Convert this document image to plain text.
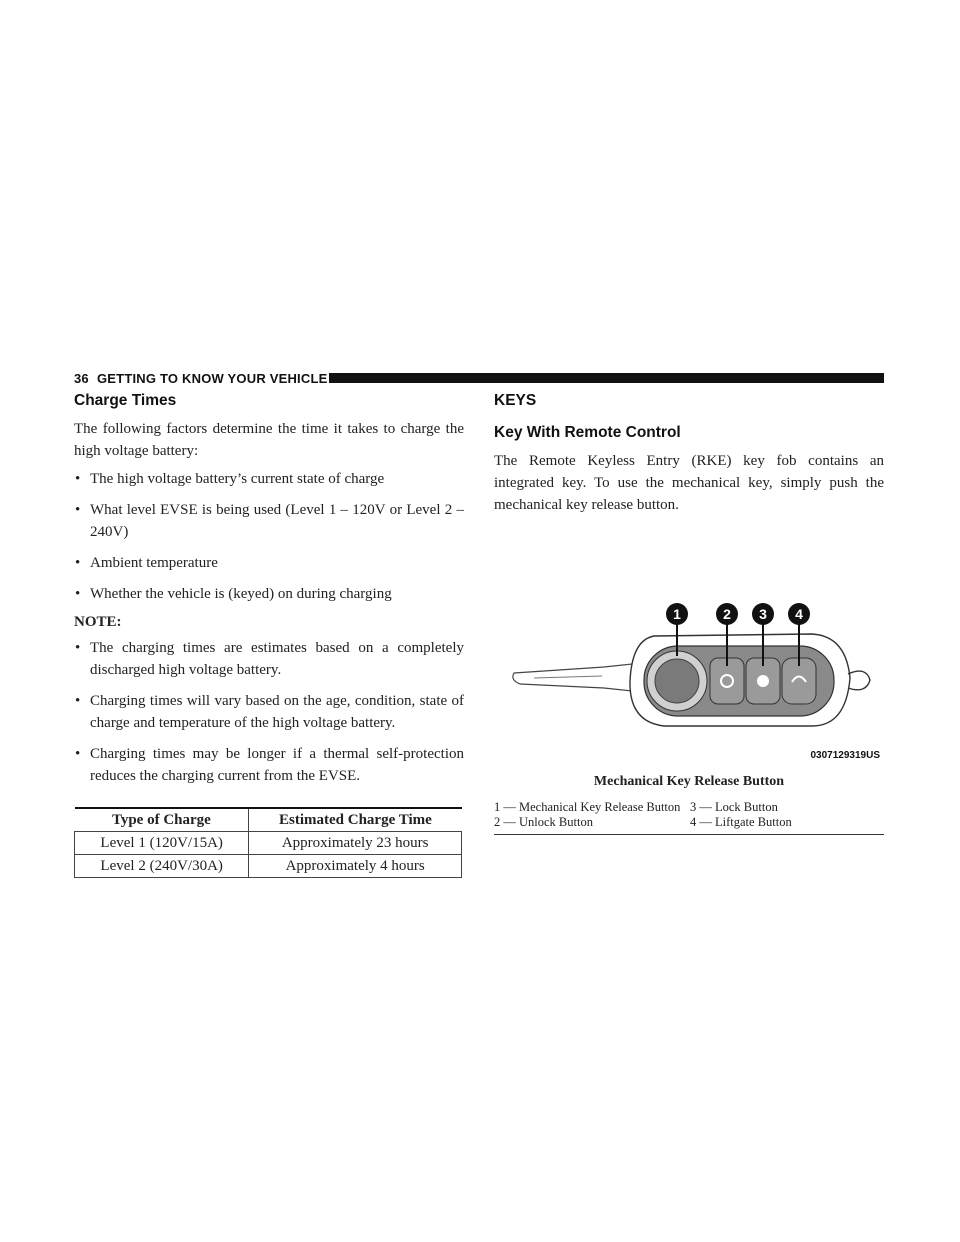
36 GETTING TO KNOW YOUR VEHICLE
Charge Times

The following factors determine the time it takes to charge the high voltage battery:

• The high voltage battery’s current state of charge
• What level EVSE is being used (Level 1 – 120V or Level 2 – 240V)
• Ambient temperature
• Whether the vehicle is (keyed) on during charging
NOTE:
• The charging times are estimates based on a completely discharged high voltage battery.
• Charging times will vary based on the age, condition, state of charge and temperature of the high voltage battery.
• Charging times may be longer if a thermal self-protection reduces the charging current from the EVSE.
Type of Charge	Estimated Charge Time
Level 1 (120V/15A)	Approximately 23 hours
Level 2 (240V/30A)	Approximately 4 hours
KEYS
Key With Remote Control

The Remote Keyless Entry (RKE) key fob contains an integrated key. To use the mechanical key, simply push the mechanical key release button.

1	2 3 4
0307129319US
Mechanical Key Release Button
1 — Mechanical Key Release Button 3 — Lock Button
2 — Unlock Button	4 — Liftgate Button
